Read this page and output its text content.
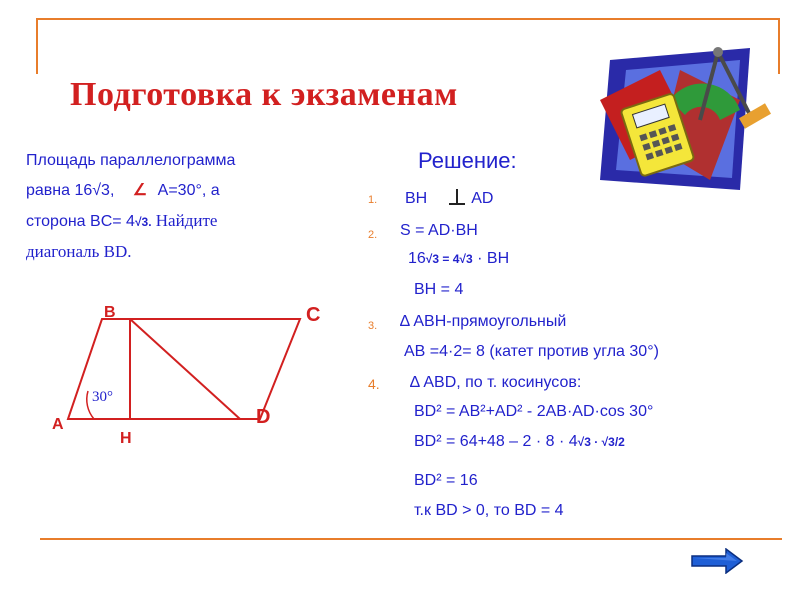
Подготовка к экзаменам
Площадь параллелограмма
равна 16√3, ∠ A=30°, а
сторона BC= 4√3. Найдите
диагональ BD.
A
B	C
D
H
30°
Решение:
1. BH	AD
2. S = AD·BH
16√3 = 4√3 · BH
BH = 4
3. ∆ ABH-прямоугольный
AB =4·2= 8 (катет против угла 30°)
4. ∆ ABD, по т. косинусов:
BD² = AB²+AD² - 2AB·AD·cos 30°
BD² = 64+48 – 2 · 8 · 4√3 · √3/2
BD² = 16
т.к BD > 0, то BD = 4
